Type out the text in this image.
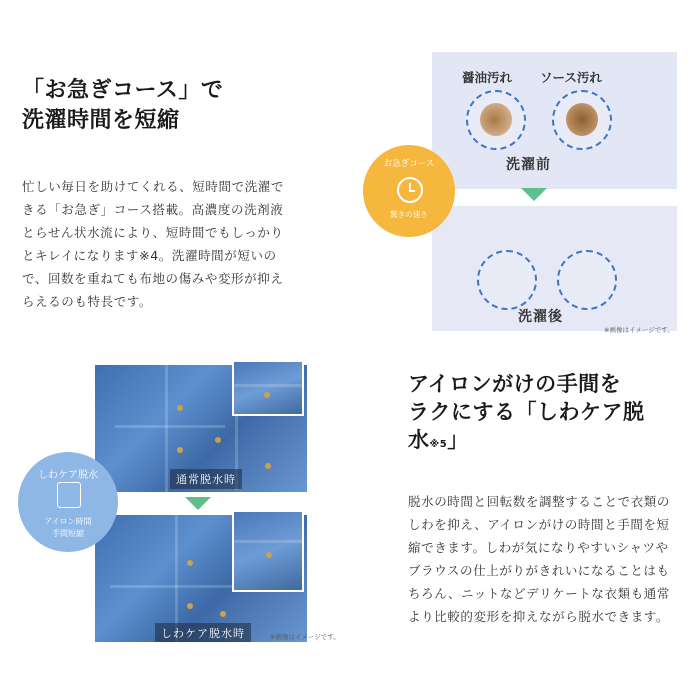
「お急ぎコース」で
洗濯時間を短縮
忙しい毎日を助けてくれる、短時間で洗濯で
きる「お急ぎ」コース搭載。高濃度の洗剤液
とらせん状水流により、短時間でもしっかり
とキレイになります※4。洗濯時間が短いの
で、回数を重ねても布地の傷みや変形が抑え
らえるのも特長です。
醤油汚れ ソース汚れ
洗濯前
洗濯後
※画像はイメージです。
お急ぎコース
驚きの速さ
通常脱水時
しわケア脱水時	※画像はイメージです。
しわケア脱水
アイロン時間
手間短縮
アイロンがけの手間を
ラクにする「しわケア脱
水※5」
脱水の時間と回転数を調整することで衣類の
しわを抑え、アイロンがけの時間と手間を短
縮できます。しわが気になりやすいシャツや
ブラウスの仕上がりがきれいになることはも
ちろん、ニットなどデリケートな衣類も通常
より比較的変形を抑えながら脱水できます。
